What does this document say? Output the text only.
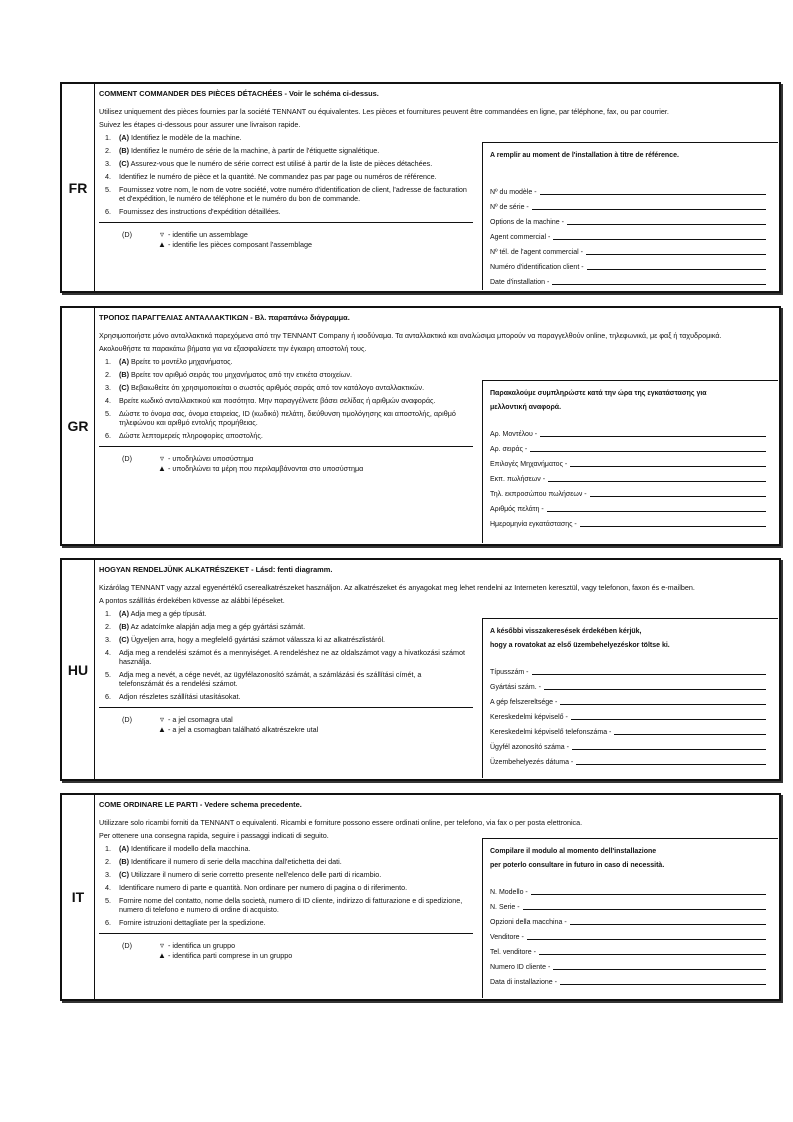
FR
COMMENT COMMANDER DES PIÈCES DÉTACHÉES - Voir le schéma ci-dessus.
Utilisez uniquement des pièces fournies par la société TENNANT ou équivalentes. Les pièces et fournitures peuvent être commandées en ligne, par téléphone, fax, ou par courrier.
Suivez les étapes ci-dessous pour assurer une livraison rapide.
1.	(A) Identifiez le modèle de la machine.
2.	(B) Identifiez le numéro de série de la machine, à partir de l'étiquette signalétique.
3.	(C) Assurez-vous que le numéro de série correct est utilisé à partir de la liste de pièces détachées.
4.	Identifiez le numéro de pièce et la quantité. Ne commandez pas par page ou numéros de référence.
5.	Fournissez votre nom, le nom de votre société, votre numéro d'identification de client, l'adresse de facturation et d'expédition, le numéro de téléphone et le numéro du bon de commande.
6.	Fournissez des instructions d'expédition détaillées.
(D)	▿ - identifie un assemblage
▲ - identifie les pièces composant l'assemblage
A remplir au moment de l'installation à titre de référence.
Nº du modèle -
Nº de série -
Options de la machine -
Agent commercial -
Nº tél. de l'agent commercial -
Numéro d'identification client -
Date d'installation -
GR
ΤΡΟΠΟΣ ΠΑΡΑΓΓΕΛΙΑΣ ΑΝΤΑΛΛΑΚΤΙΚΩΝ - Βλ. παραπάνω διάγραμμα.
Χρησιμοποιήστε μόνο ανταλλακτικά παρεχόμενα από την TENNANT Company ή ισοδύναμα. Τα ανταλλακτικά και αναλώσιμα μπορούν να παραγγελθούν online, τηλεφωνικά, με φαξ ή ταχυδρομικά.
Ακολουθήστε τα παρακάτω βήματα για να εξασφαλίσετε την έγκαιρη αποστολή τους.
1.	(A) Βρείτε το μοντέλο μηχανήματος.
2.	(B) Βρείτε τον αριθμό σειράς του μηχανήματος από την ετικέτα στοιχείων.
3.	(C) Βεβαιωθείτε ότι χρησιμοποιείται ο σωστός αριθμός σειράς από τον κατάλογο ανταλλακτικών.
4.	Βρείτε κωδικό ανταλλακτικού και ποσότητα. Μην παραγγέλνετε βάσει σελίδας ή αριθμών αναφοράς.
5.	Δώστε το όνομα σας, όνομα εταιρείας, ID (κωδικό) πελάτη, διεύθυνση τιμολόγησης και αποστολής, αριθμό τηλεφώνου και αριθμό εντολής προμήθειας.
6.	Δώστε λεπτομερείς πληροφορίες αποστολής.
(D)	▿ - υποδηλώνει υποσύστημα
▲ - υποδηλώνει τα μέρη που περιλαμβάνονται στο υποσύστημα
Παρακαλούμε συμπληρώστε κατά την ώρα της εγκατάστασης για
μελλοντική αναφορά.
Αρ. Μοντέλου -
Αρ. σειράς -
Επιλογές Μηχανήματος -
Εκπ. πωλήσεων -
Τηλ. εκπροσώπου πωλήσεων -
Αριθμός πελάτη -
Ημερομηνία εγκατάστασης -
HU
HOGYAN RENDELJÜNK ALKATRÉSZEKET - Lásd: fenti diagramm.
Kizárólag TENNANT vagy azzal egyenértékű cserealkatrészeket használjon. Az alkatrészeket és anyagokat meg lehet rendelni az Interneten keresztül, vagy telefonon, faxon és e-mailben.
A pontos szállítás érdekében kövesse az alábbi lépéseket.
1.	(A) Adja meg a gép típusát.
2.	(B) Az adatcímke alapján adja meg a gép gyártási számát.
3.	(C) Ügyeljen arra, hogy a megfelelő gyártási számot válassza ki az alkatrészlistáról.
4.	Adja meg a rendelési számot és a mennyiséget. A rendeléshez ne az oldalszámot vagy a hivatkozási számot használja.
5.	Adja meg a nevét, a cége nevét, az ügyfélazonosító számát, a számlázási és szállítási címét, a telefonszámát és a rendelési számot.
6.	Adjon részletes szállítási utasításokat.
(D)	▿ - a jel csomagra utal
▲ - a jel a csomagban található alkatrészekre utal
A későbbi visszakeresések érdekében kérjük,
hogy a rovatokat az első üzembehelyezéskor töltse ki.
Típusszám -
Gyártási szám. -
A gép felszereltsége -
Kereskedelmi képviselő -
Kereskedelmi képviselő telefonszáma -
Ügyfél azonosító száma -
Üzembehelyezés dátuma -
IT
COME ORDINARE LE PARTI - Vedere schema precedente.
Utilizzare solo ricambi forniti da TENNANT o equivalenti. Ricambi e forniture possono essere ordinati online, per telefono, via fax o per posta elettronica.
Per ottenere una consegna rapida, seguire i passaggi indicati di seguito.
1.	(A) Identificare il modello della macchina.
2.	(B) Identificare il numero di serie della macchina dall'etichetta dei dati.
3.	(C) Utilizzare il numero di serie corretto presente nell'elenco delle parti di ricambio.
4.	Identificare numero di parte e quantità. Non ordinare per numero di pagina o di riferimento.
5.	Fornire nome del contatto, nome della società, numero di ID cliente, indirizzo di fatturazione e di spedizione, numero di telefono e numero di ordine di acquisto.
6.	Fornire istruzioni dettagliate per la spedizione.
(D)	▿ - identifica un gruppo
▲ - identifica parti comprese in un gruppo
Compilare il modulo al momento dell'installazione
per poterlo consultare in futuro in caso di necessità.
N. Modello -
N. Serie -
Opzioni della macchina -
Venditore -
Tel. venditore -
Numero ID cliente -
Data di installazione -
